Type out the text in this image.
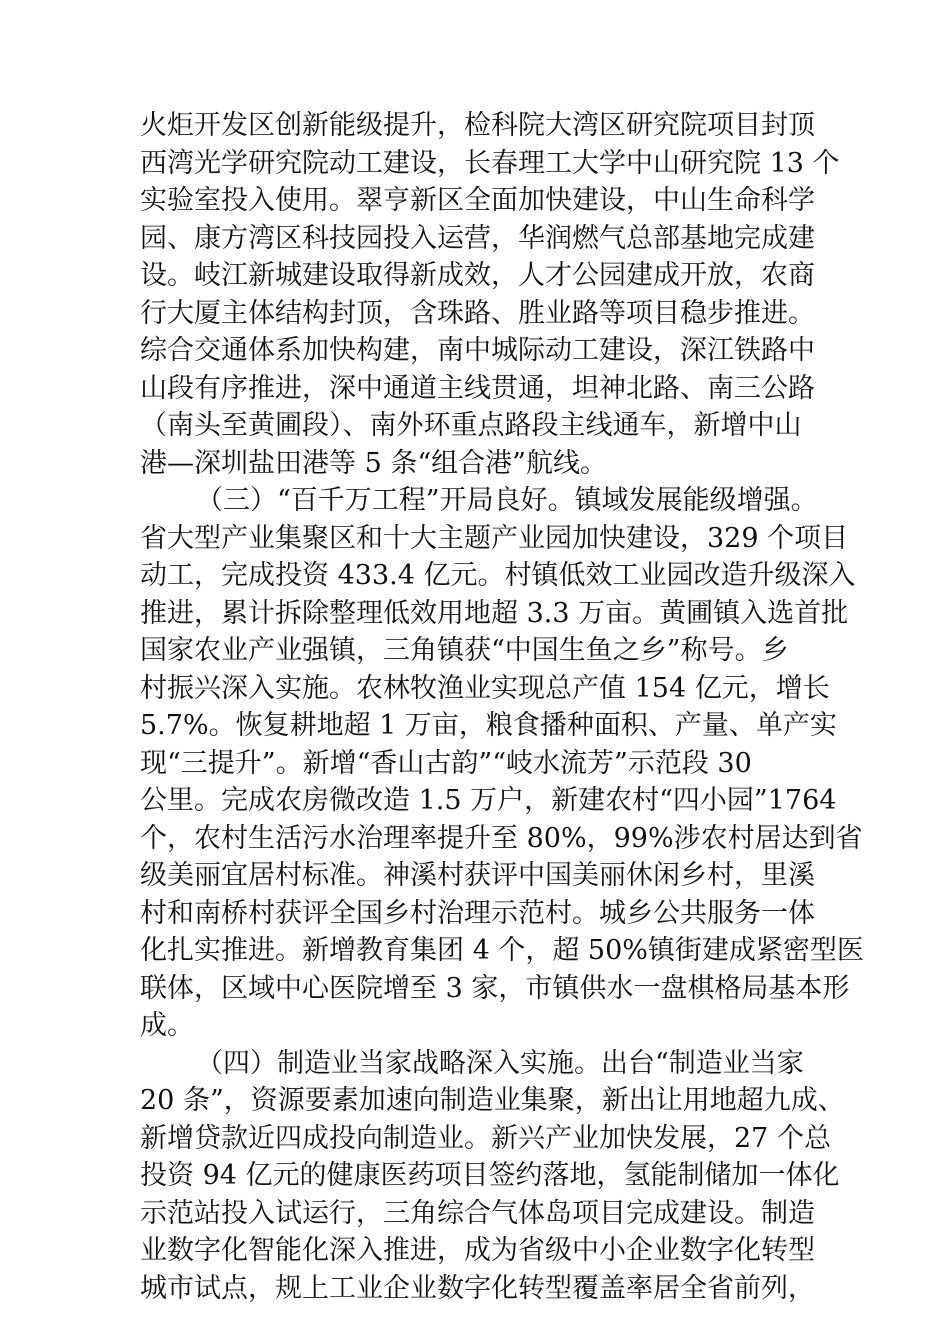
火炬开发区创新能级提升，检科院大湾区研究院项目封顶
西湾光学研究院动工建设，长春理工大学中山研究院 13 个
实验室投入使用。翠亨新区全面加快建设，中山生命科学
园、康方湾区科技园投入运营，华润燃气总部基地完成建
设。岐江新城建设取得新成效，人才公园建成开放，农商
行大厦主体结构封顶，含珠路、胜业路等项目稳步推进。
综合交通体系加快构建，南中城际动工建设，深江铁路中
山段有序推进，深中通道主线贯通，坦神北路、南三公路
（南头至黄圃段）、南外环重点路段主线通车，新增中山
港—深圳盐田港等 5 条“组合港”航线。
（三）“百千万工程”开局良好。镇域发展能级增强。
省大型产业集聚区和十大主题产业园加快建设，329 个项目
动工，完成投资 433.4 亿元。村镇低效工业园改造升级深入
推进，累计拆除整理低效用地超 3.3 万亩。黄圃镇入选首批
国家农业产业强镇，三角镇获“中国生鱼之乡”称号。乡
村振兴深入实施。农林牧渔业实现总产值 154 亿元，增长
5.7%。恢复耕地超 1 万亩，粮食播种面积、产量、单产实
现“三提升”。新增“香山古韵”“岐水流芳”示范段 30
公里。完成农房微改造 1.5 万户，新建农村“四小园”1764
个，农村生活污水治理率提升至 80%，99%涉农村居达到省
级美丽宜居村标准。神溪村获评中国美丽休闲乡村，里溪
村和南桥村获评全国乡村治理示范村。城乡公共服务一体
化扎实推进。新增教育集团 4 个，超 50%镇街建成紧密型医
联体，区域中心医院增至 3 家，市镇供水一盘棋格局基本形
成。
（四）制造业当家战略深入实施。出台“制造业当家
20 条”，资源要素加速向制造业集聚，新出让用地超九成、
新增贷款近四成投向制造业。新兴产业加快发展，27 个总
投资 94 亿元的健康医药项目签约落地，氢能制储加一体化
示范站投入试运行，三角综合气体岛项目完成建设。制造
业数字化智能化深入推进，成为省级中小企业数字化转型
城市试点，规上工业企业数字化转型覆盖率居全省前列，
